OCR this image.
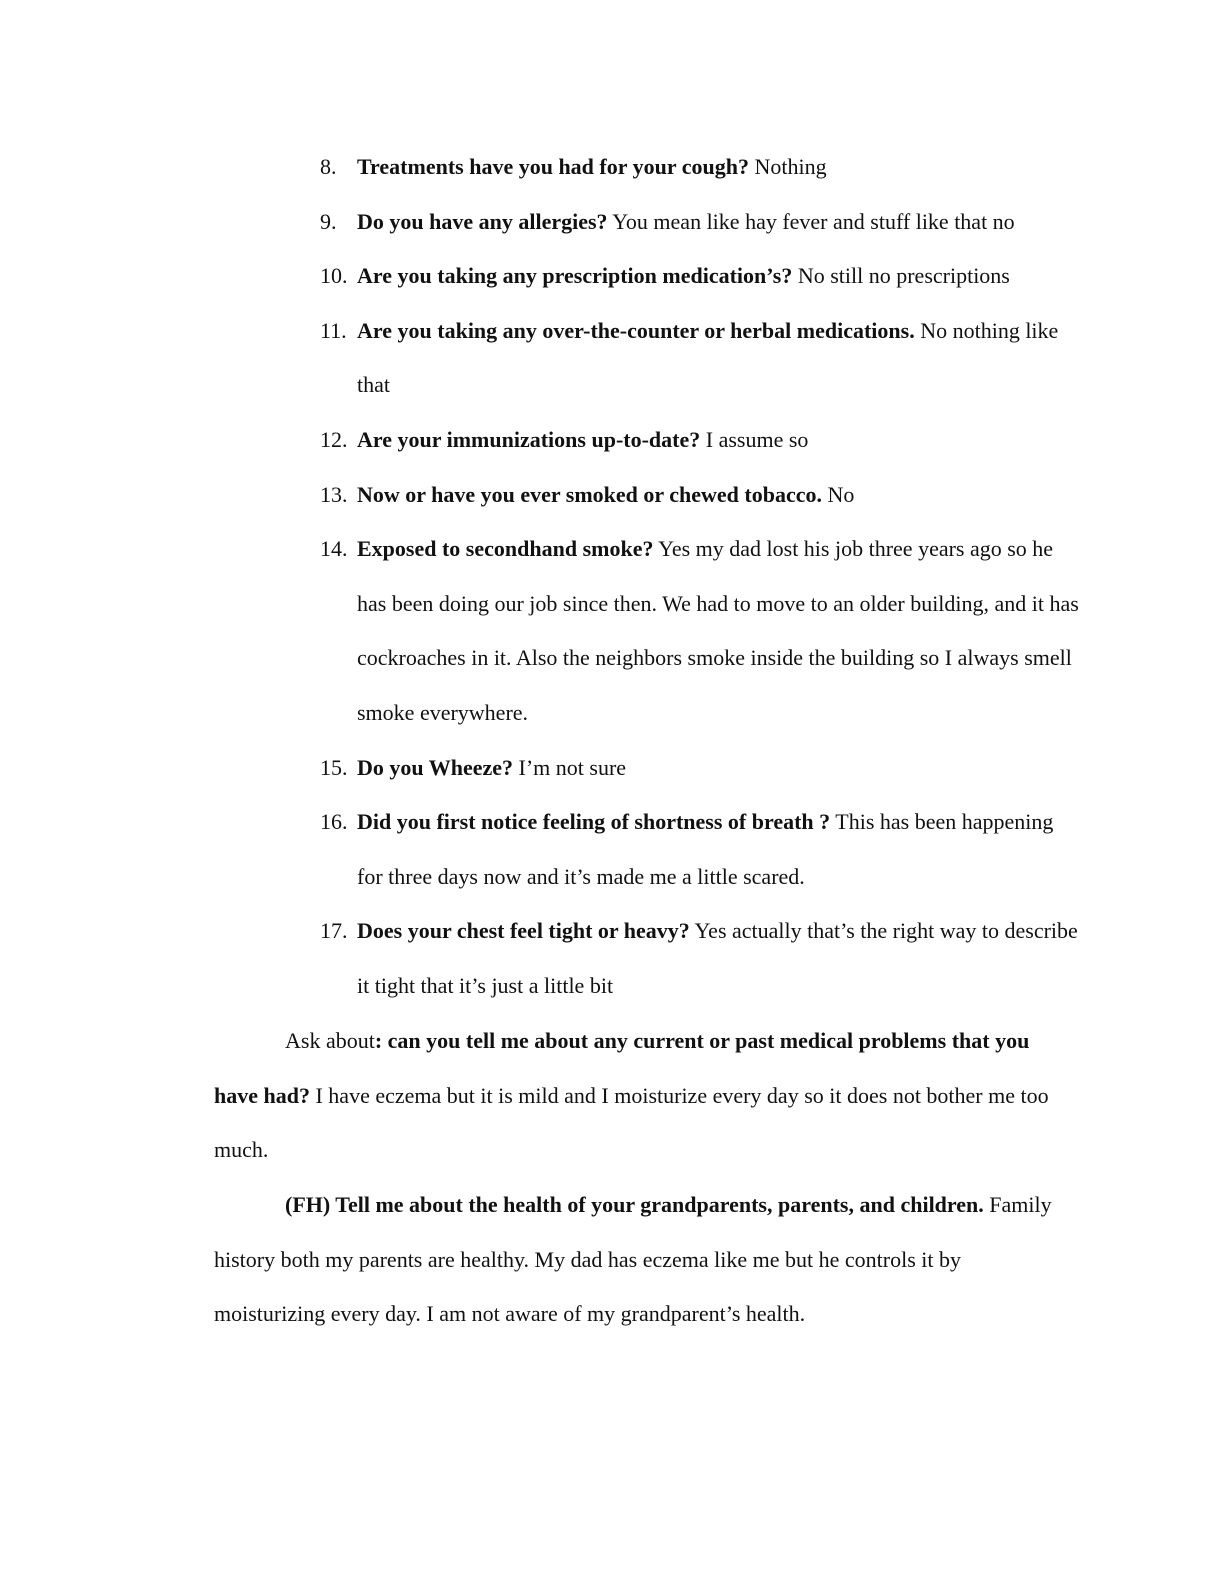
8. Treatments have you had for your cough? Nothing
9. Do you have any allergies? You mean like hay fever and stuff like that no
10. Are you taking any prescription medication’s? No still no prescriptions
11. Are you taking any over-the-counter or herbal medications. No nothing like that
12. Are your immunizations up-to-date? I assume so
13. Now or have you ever smoked or chewed tobacco. No
14. Exposed to secondhand smoke? Yes my dad lost his job three years ago so he has been doing our job since then. We had to move to an older building, and it has cockroaches in it. Also the neighbors smoke inside the building so I always smell smoke everywhere.
15. Do you Wheeze? I’m not sure
16. Did you first notice feeling of shortness of breath ? This has been happening for three days now and it’s made me a little scared.
17. Does your chest feel tight or heavy? Yes actually that’s the right way to describe it tight that it’s just a little bit

Ask about: can you tell me about any current or past medical problems that you have had? I have eczema but it is mild and I moisturize every day so it does not bother me too much.

(FH) Tell me about the health of your grandparents, parents, and children. Family history both my parents are healthy. My dad has eczema like me but he controls it by moisturizing every day. I am not aware of my grandparent’s health.
